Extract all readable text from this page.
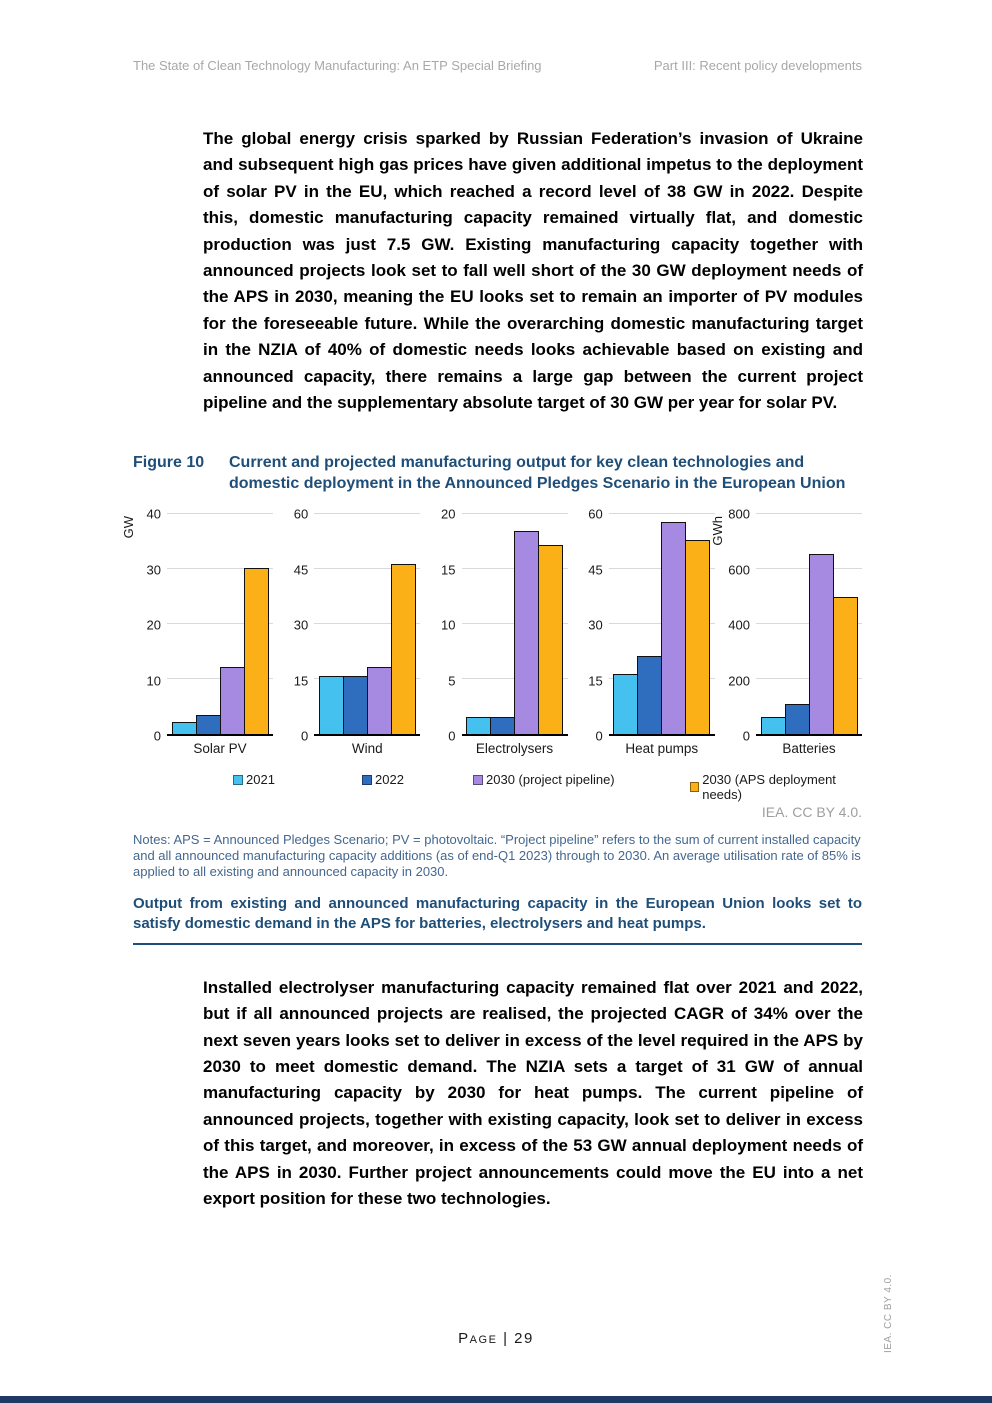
The State of Clean Technology Manufacturing: An ETP Special Briefing	Part III: Recent policy developments

The global energy crisis sparked by Russian Federation’s invasion of Ukraine and subsequent high gas prices have given additional impetus to the deployment of solar PV in the EU, which reached a record level of 38 GW in 2022. Despite this, domestic manufacturing capacity remained virtually flat, and domestic production was just 7.5 GW. Existing manufacturing capacity together with announced projects look set to fall well short of the 30 GW deployment needs of the APS in 2030, meaning the EU looks set to remain an importer of PV modules for the foreseeable future. While the overarching domestic manufacturing target in the NZIA of 40% of domestic needs looks achievable based on existing and announced capacity, there remains a large gap between the current project pipeline and the supplementary absolute target of 30 GW per year for solar PV.

Figure 10	Current and projected manufacturing output for key clean technologies and domestic deployment in the Announced Pledges Scenario in the European Union
GW
40
30
20
10
0
Solar PV
60
45
30
15
0
Wind
20
15
10
5
0
Electrolysers
60
45
30
15
0
Heat pumps
GWh
800
600
400
200
0
Batteries
2021	2022	2030 (project pipeline)	2030 (APS deployment needs)
IEA. CC BY 4.0.
Notes: APS = Announced Pledges Scenario; PV = photovoltaic. “Project pipeline” refers to the sum of current installed capacity and all announced manufacturing capacity additions (as of end-Q1 2023) through to 2030. An average utilisation rate of 85% is applied to all existing and announced capacity in 2030.
Output from existing and announced manufacturing capacity in the European Union looks set to satisfy domestic demand in the APS for batteries, electrolysers and heat pumps.

Installed electrolyser manufacturing capacity remained flat over 2021 and 2022, but if all announced projects are realised, the projected CAGR of 34% over the next seven years looks set to deliver in excess of the level required in the APS by 2030 to meet domestic demand. The NZIA sets a target of 31 GW of annual manufacturing capacity by 2030 for heat pumps. The current pipeline of announced projects, together with existing capacity, look set to deliver in excess of this target, and moreover, in excess of the 53 GW annual deployment needs of the APS in 2030. Further project announcements could move the EU into a net export position for these two technologies.

Page | 29	IEA. CC BY 4.0.
